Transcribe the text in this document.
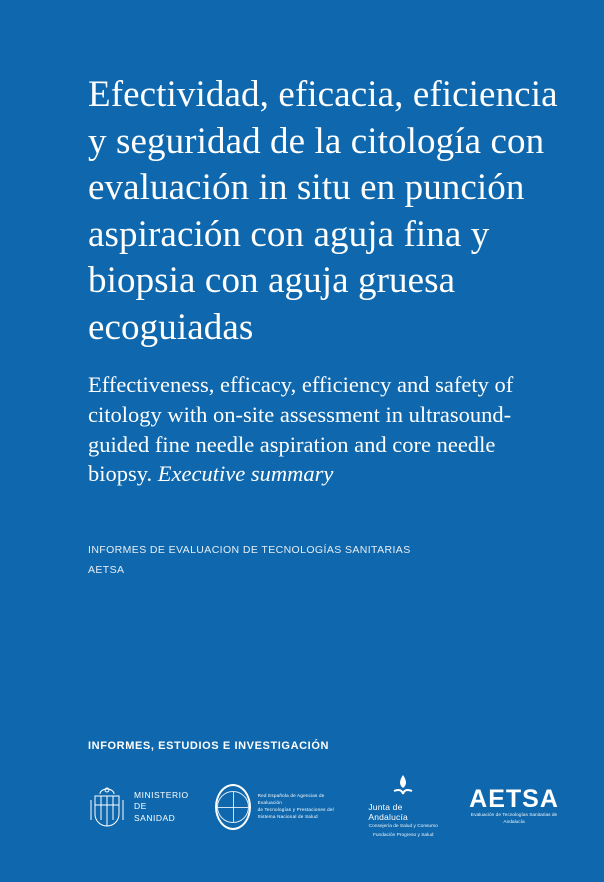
Efectividad, eficacia, eficiencia y seguridad de la citología con evaluación in situ en punción aspiración con aguja fina y biopsia con aguja gruesa ecoguiadas

Effectiveness, efficacy, efficiency and safety of citology with on-site assessment in ultrasound-guided fine needle aspiration and core needle biopsy. Executive summary

INFORMES DE EVALUACION DE TECNOLOGÍAS SANITARIAS
AETSA
INFORMES, ESTUDIOS E INVESTIGACIÓN
MINISTERIO
DE SANIDAD
Red Española de Agencias de Evaluación
de Tecnologías y Prestaciones del Sistema Nacional de Salud
Junta de Andalucía
Consejería de Salud y Consumo
Fundación Progreso y Salud
AETSA
Evaluación de Tecnologías Sanitarias de Andalucía
